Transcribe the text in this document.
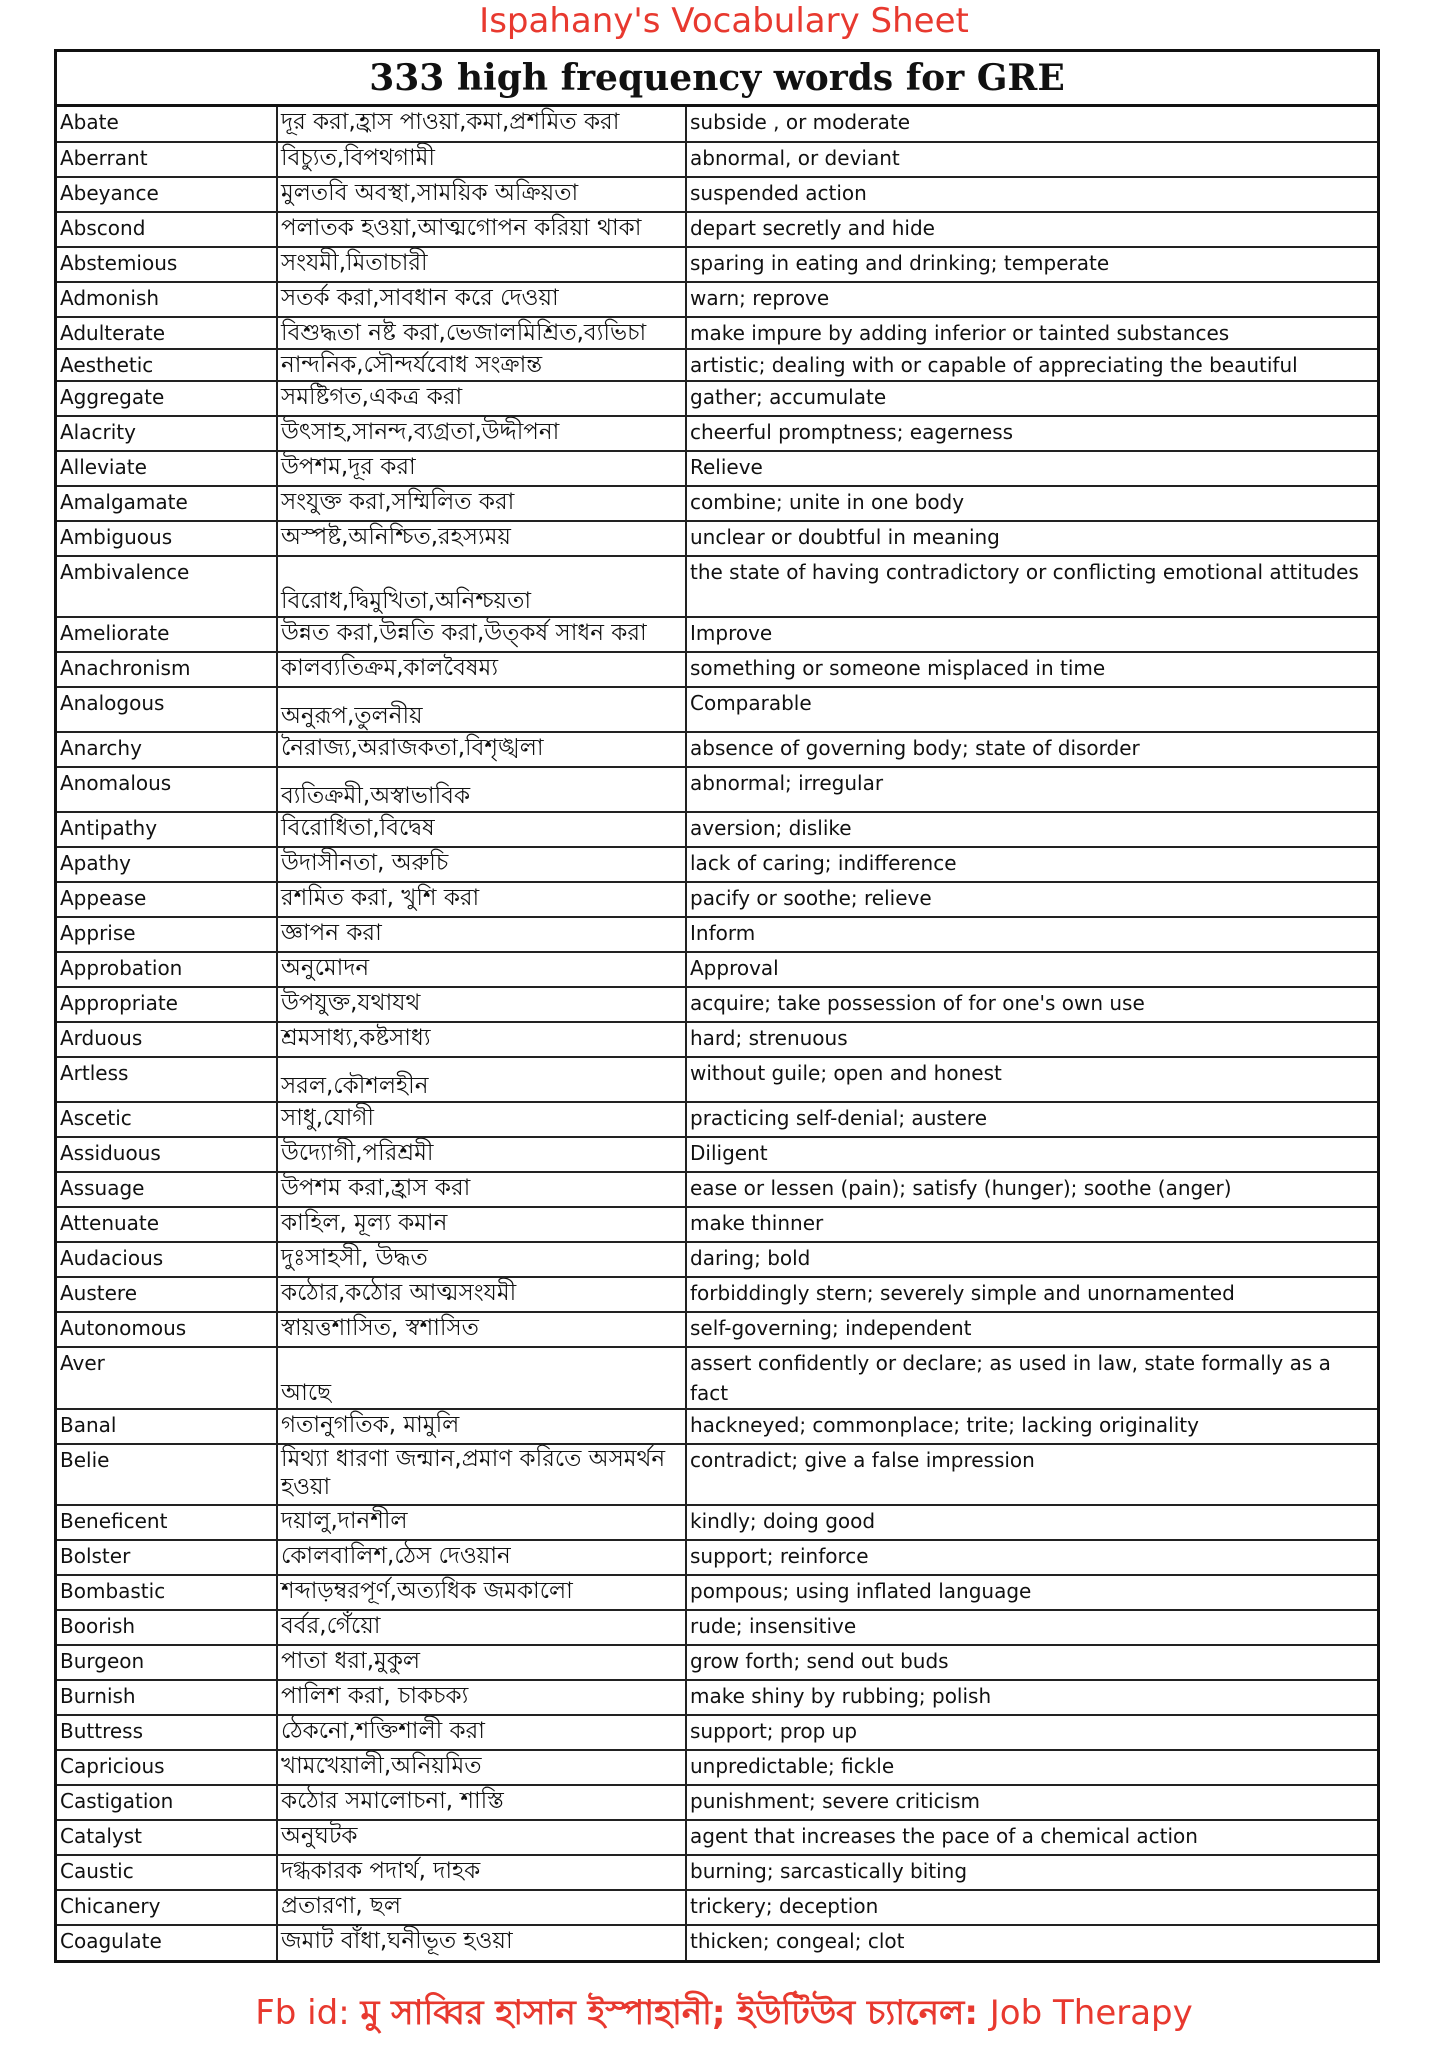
Ispahany's Vocabulary Sheet
333 high frequency words for GRE
Abate	দূর করা,হ্রাস পাওয়া,কমা,প্রশমিত করা	subside , or moderate
Aberrant	বিচ্যুত,বিপথগামী	abnormal, or deviant
Abeyance	মুলতবি অবস্থা,সাময়িক অক্রিয়তা	suspended action
Abscond	পলাতক হওয়া,আত্মগোপন করিয়া থাকা	depart secretly and hide
Abstemious	সংযমী,মিতাচারী	sparing in eating and drinking; temperate
Admonish	সতর্ক করা,সাবধান করে দেওয়া	warn; reprove
Adulterate	বিশুদ্ধতা নষ্ট করা,ভেজালমিশ্রিত,ব্যভিচা	make impure by adding inferior or tainted substances
Aesthetic	নান্দনিক,সৌন্দর্যবোধ সংক্রান্ত	artistic; dealing with or capable of appreciating the beautiful
Aggregate	সমষ্টিগত,একত্র করা	gather; accumulate
Alacrity	উৎসাহ,সানন্দ,ব্যগ্রতা,উদ্দীপনা	cheerful promptness; eagerness
Alleviate	উপশম,দূর করা	Relieve
Amalgamate	সংযুক্ত করা,সম্মিলিত করা	combine; unite in one body
Ambiguous	অস্পষ্ট,অনিশ্চিত,রহস্যময়	unclear or doubtful in meaning
Ambivalence	বিরোধ,দ্বিমুখিতা,অনিশ্চয়তা	the state of having contradictory or conflicting emotional attitudes
Ameliorate	উন্নত করা,উন্নতি করা,উত্কর্ষ সাধন করা	Improve
Anachronism	কালব্যতিক্রম,কালবৈষম্য	something or someone misplaced in time
Analogous	অনুরূপ,তুলনীয়	Comparable
Anarchy	নৈরাজ্য,অরাজকতা,বিশৃঙ্খলা	absence of governing body; state of disorder
Anomalous	ব্যতিক্রমী,অস্বাভাবিক	abnormal; irregular
Antipathy	বিরোধিতা,বিদ্বেষ	aversion; dislike
Apathy	উদাসীনতা, অরুচি	lack of caring; indifference
Appease	রশমিত করা, খুশি করা	pacify or soothe; relieve
Apprise	জ্ঞাপন করা	Inform
Approbation	অনুমোদন	Approval
Appropriate	উপযুক্ত,যথাযথ	acquire; take possession of for one's own use
Arduous	শ্রমসাধ্য,কষ্টসাধ্য	hard; strenuous
Artless	সরল,কৌশলহীন	without guile; open and honest
Ascetic	সাধু,যোগী	practicing self-denial; austere
Assiduous	উদ্যোগী,পরিশ্রমী	Diligent
Assuage	উপশম করা,হ্রাস করা	ease or lessen (pain); satisfy (hunger); soothe (anger)
Attenuate	কাহিল, মূল্য কমান	make thinner
Audacious	দুঃসাহসী, উদ্ধত	daring; bold
Austere	কঠোর,কঠোর আত্মসংযমী	forbiddingly stern; severely simple and unornamented
Autonomous	স্বায়ত্তশাসিত, স্বশাসিত	self-governing; independent
Aver	আছে	assert confidently or declare; as used in law, state formally as a fact
Banal	গতানুগতিক, মামুলি	hackneyed; commonplace; trite; lacking originality
Belie	মিথ্যা ধারণা জন্মান,প্রমাণ করিতে অসমর্থন হওয়া	contradict; give a false impression
Beneficent	দয়ালু,দানশীল	kindly; doing good
Bolster	কোলবালিশ,ঠেস দেওয়ান	support; reinforce
Bombastic	শব্দাড়ম্বরপূর্ণ,অত্যধিক জমকালো	pompous; using inflated language
Boorish	বর্বর,গেঁয়ো	rude; insensitive
Burgeon	পাতা ধরা,মুকুল	grow forth; send out buds
Burnish	পালিশ করা, চাকচক্য	make shiny by rubbing; polish
Buttress	ঠেকনো,শক্তিশালী করা	support; prop up
Capricious	খামখেয়ালী,অনিয়মিত	unpredictable; fickle
Castigation	কঠোর সমালোচনা, শাস্তি	punishment; severe criticism
Catalyst	অনুঘটক	agent that increases the pace of a chemical action
Caustic	দগ্ধকারক পদার্থ, দাহক	burning; sarcastically biting
Chicanery	প্রতারণা, ছল	trickery; deception
Coagulate	জমাট বাঁধা,ঘনীভূত হওয়া	thicken; congeal; clot
Fb id: মু সাব্বির হাসান ইস্পাহানী; ইউটিউব চ্যানেল: Job Therapy
